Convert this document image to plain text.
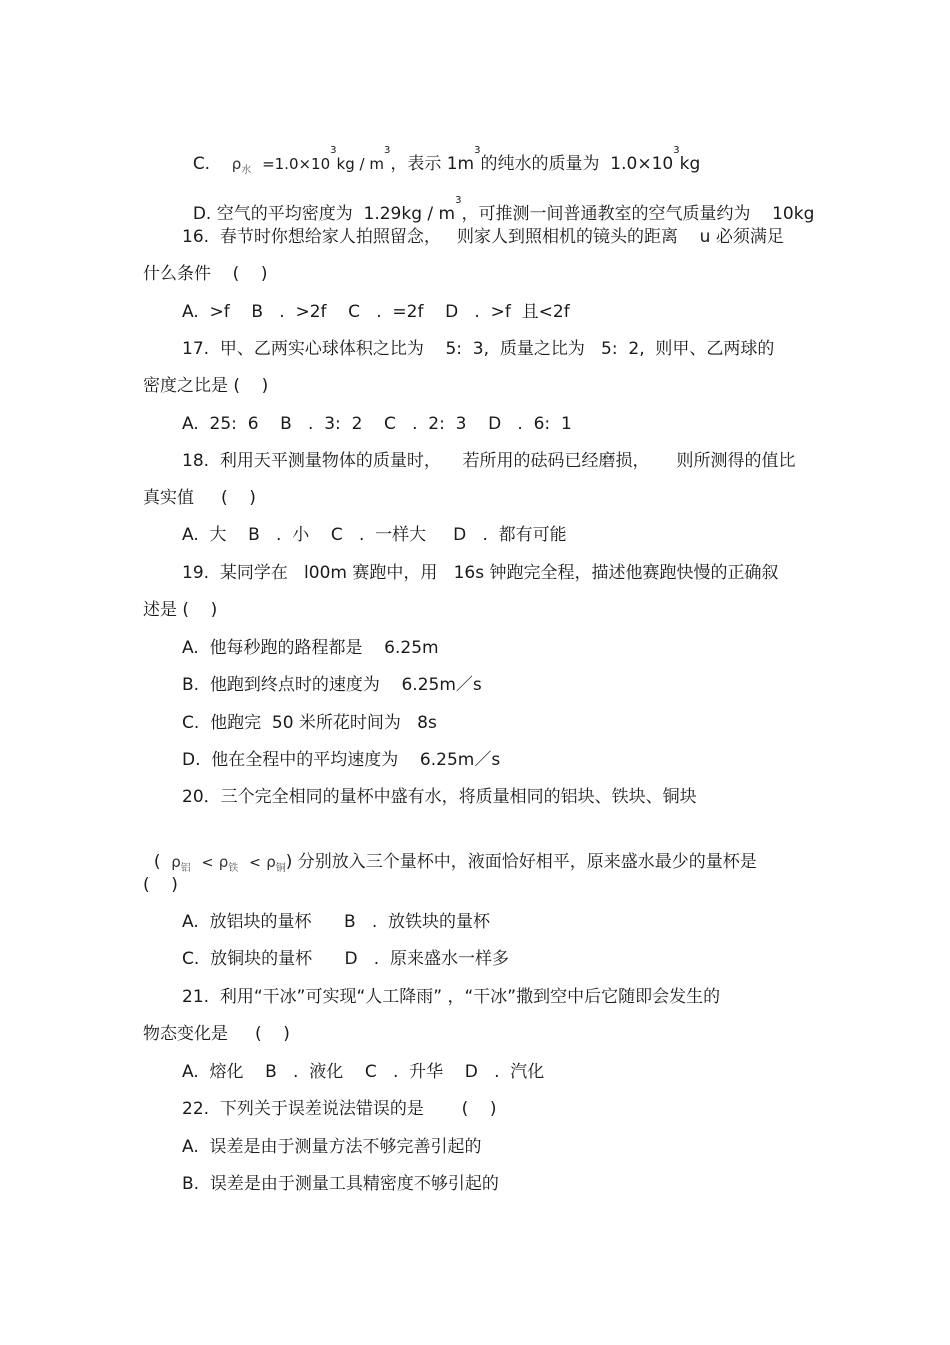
C. $\rho_水 =1.0\times 10^3kg / m^3$，表示 $1m^3$的纯水的质量为  $1.0\times 10^3kg$

D. 空气的平均密度为  $1.29kg / m^3$，可推测一间普通教室的空气质量约为    10kg

16.  春节时你想给家人拍照留念，   则家人到照相机的镜头的距离    u 必须满足
什么条件    (    )
A.  >f    B   .  >2f    C   .  =2f    D   .  >f  且<2f
17.  甲、乙两实心球体积之比为    5:  3,  质量之比为   5:  2,  则甲、乙两球的
密度之比是 (    )
A.  25:  6    B   .  3:  2    C   .  2:  3    D   .  6:  1
18.  利用天平测量物体的质量时，    若所用的砝码已经磨损，     则所测得的值比
真实值     (    )
A.  大    B   .  小    C   .  一样大     D   .  都有可能
19.  某同学在   l00m 赛跑中，用   16s 钟跑完全程，描述他赛跑快慢的正确叙
述是 (    )
A.  他每秒跑的路程都是    6.25m
B.  他跑到终点时的速度为    6.25m／s
C.  他跑完  50 米所花时间为   8s
D.  他在全程中的平均速度为    6.25m／s
20．三个完全相同的量杯中盛有水，将质量相同的铝块、铁块、铜块

( $\rho_铝 < \rho_铁 < \rho_铜$) 分别放入三个量杯中，液面恰好相平，原来盛水最少的量杯是

(    )
A.  放铝块的量杯      B   .  放铁块的量杯
C.  放铜块的量杯      D   .  原来盛水一样多
21.  利用“干冰”可实现“人工降雨” ，“干冰”撒到空中后它随即会发生的
物态变化是     (    )
A.  熔化    B   .  液化    C   .  升华    D   .  汽化
22.  下列关于误差说法错误的是       (    )
A.  误差是由于测量方法不够完善引起的
B.  误差是由于测量工具精密度不够引起的
